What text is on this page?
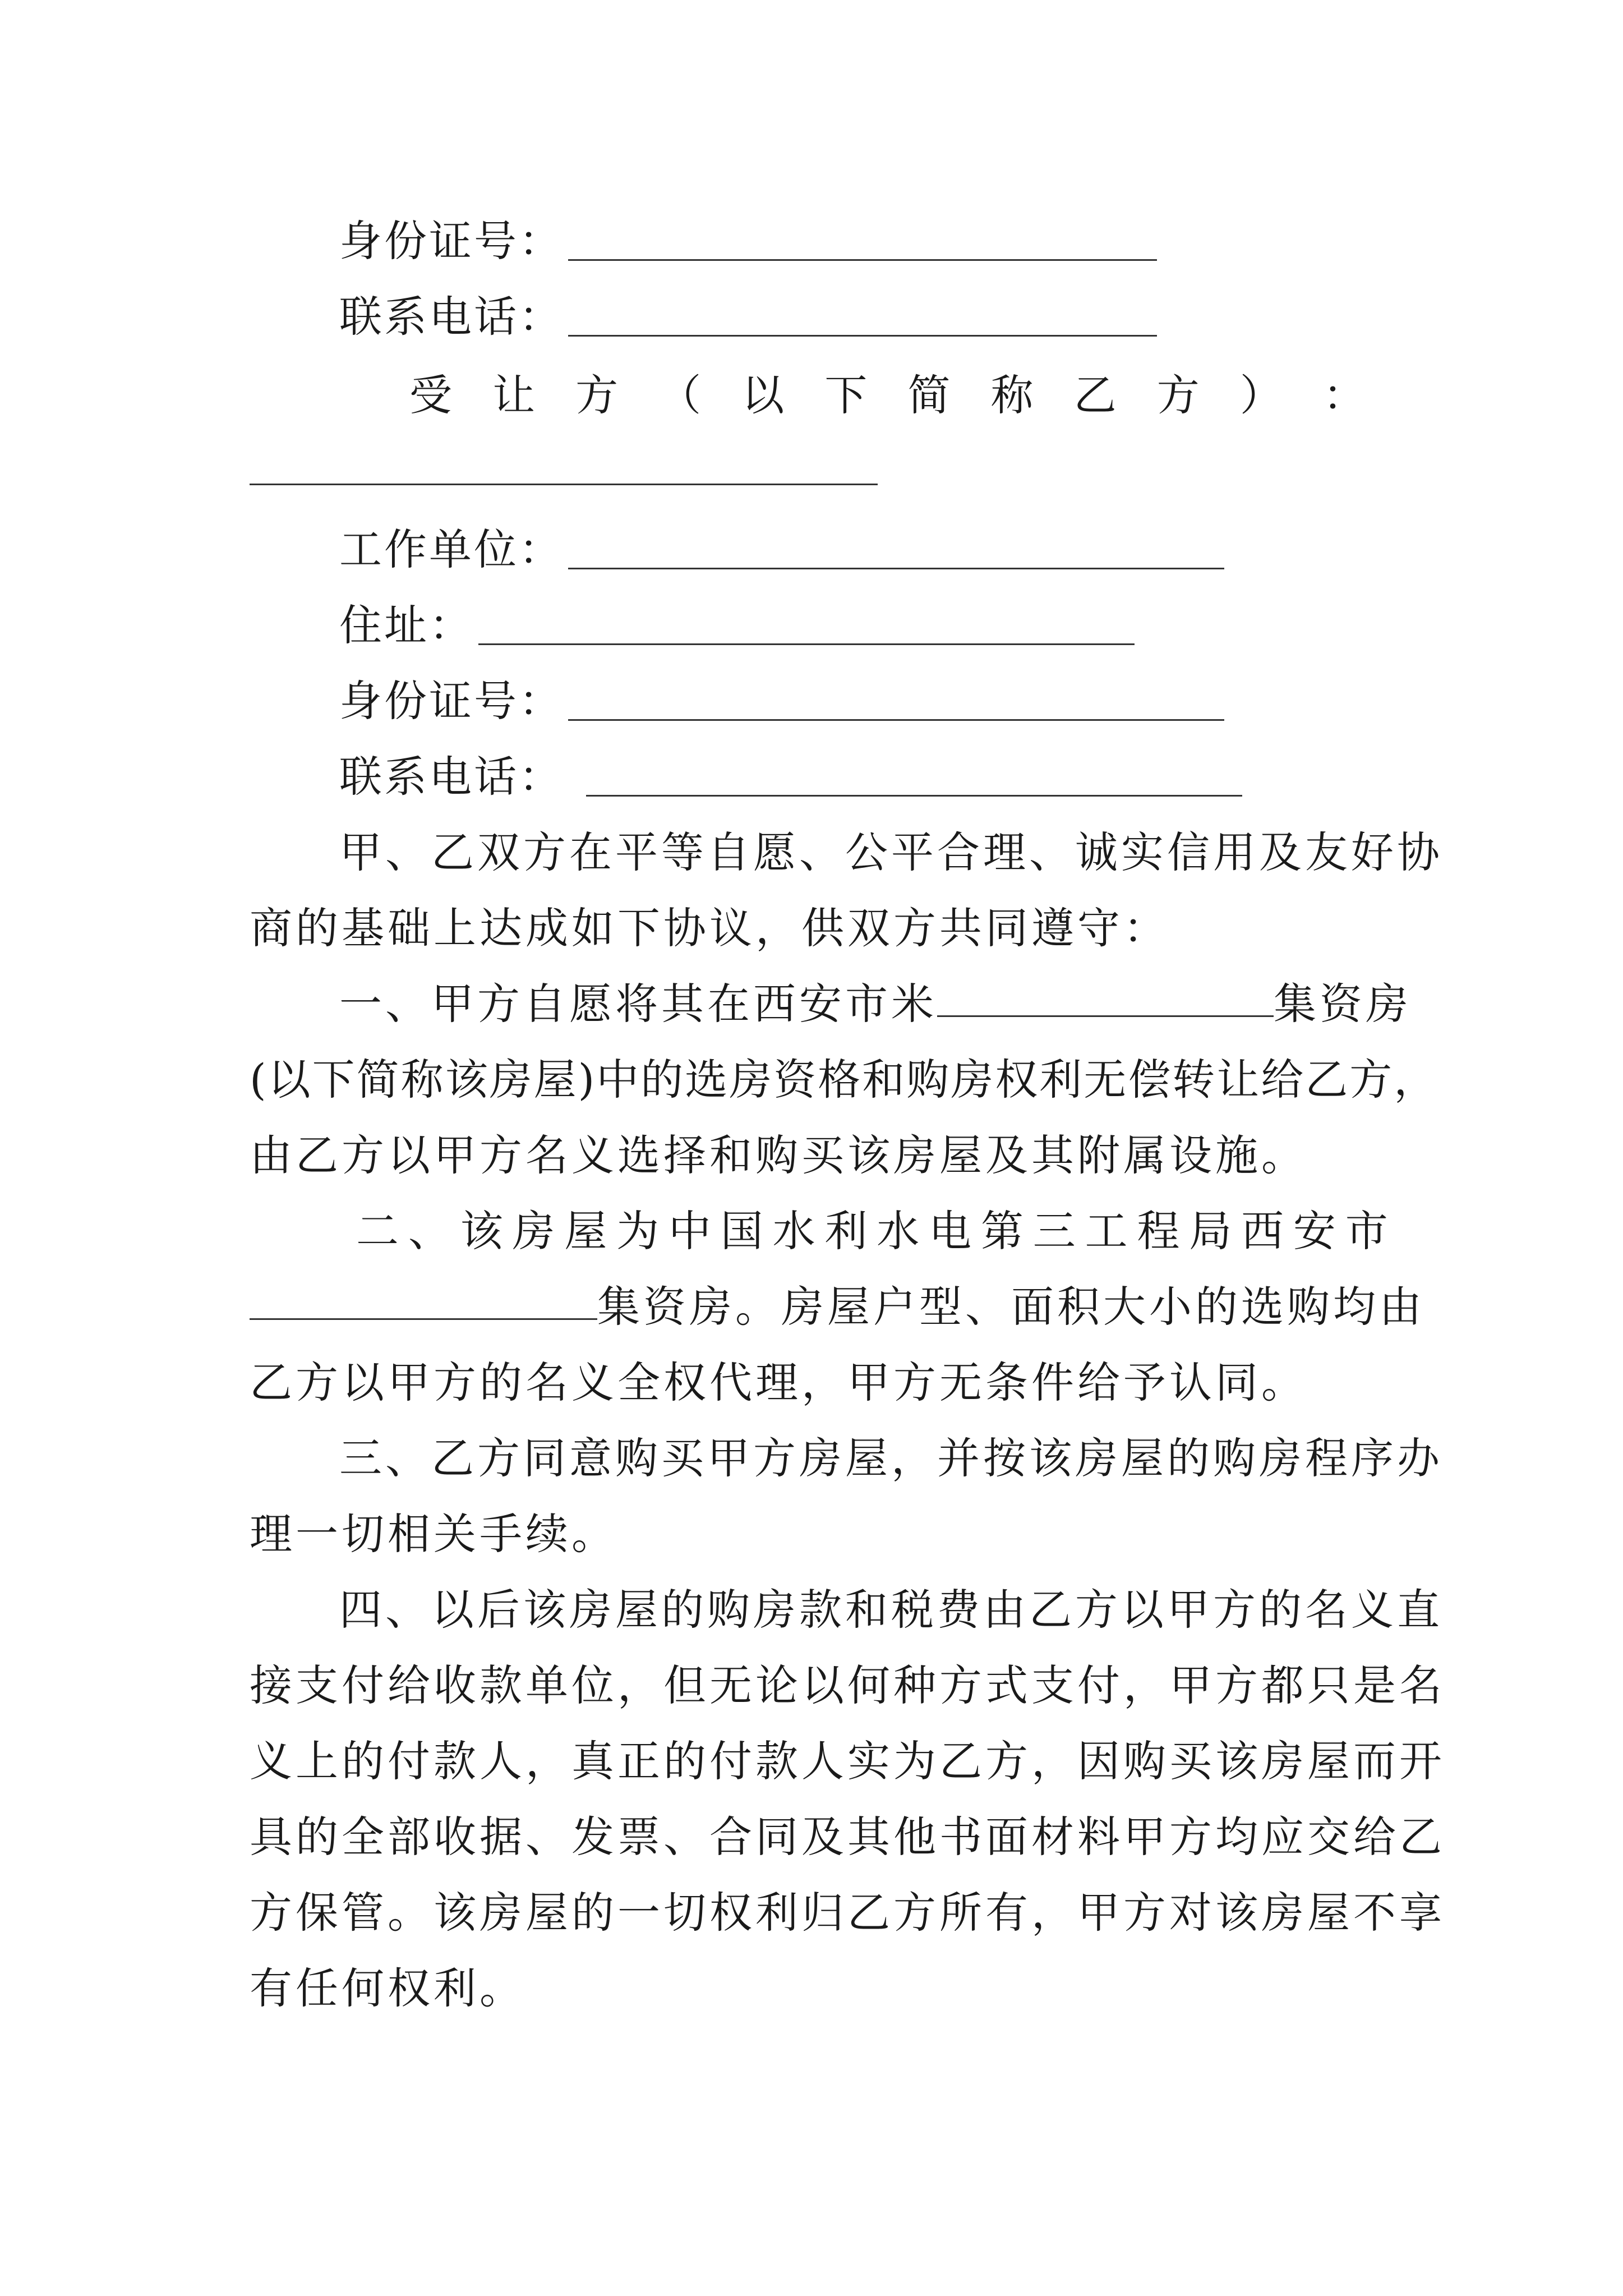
身份证号：
联系电话：
受 让 方 （ 以 下 简 称 乙 方 ） ：
工作单位：
住址：
身份证号：
联系电话：
甲、乙双方在平等自愿、公平合理、诚实信用及友好协
商的基础上达成如下协议，供双方共同遵守：
一、甲方自愿将其在西安市米	集资房
(以下简称该房屋)中的选房资格和购房权利无偿转让给乙方，
由乙方以甲方名义选择和购买该房屋及其附属设施。
二 、 该 房 屋 为 中 国 水 利 水 电 第 三 工 程 局 西 安 市
集资房。房屋户型、面积大小的选购均由
乙方以甲方的名义全权代理，甲方无条件给予认同。
三、乙方同意购买甲方房屋，并按该房屋的购房程序办
理一切相关手续。
四、以后该房屋的购房款和税费由乙方以甲方的名义直
接支付给收款单位，但无论以何种方式支付，甲方都只是名
义上的付款人，真正的付款人实为乙方，因购买该房屋而开
具的全部收据、发票、合同及其他书面材料甲方均应交给乙
方保管。该房屋的一切权利归乙方所有，甲方对该房屋不享
有任何权利。
